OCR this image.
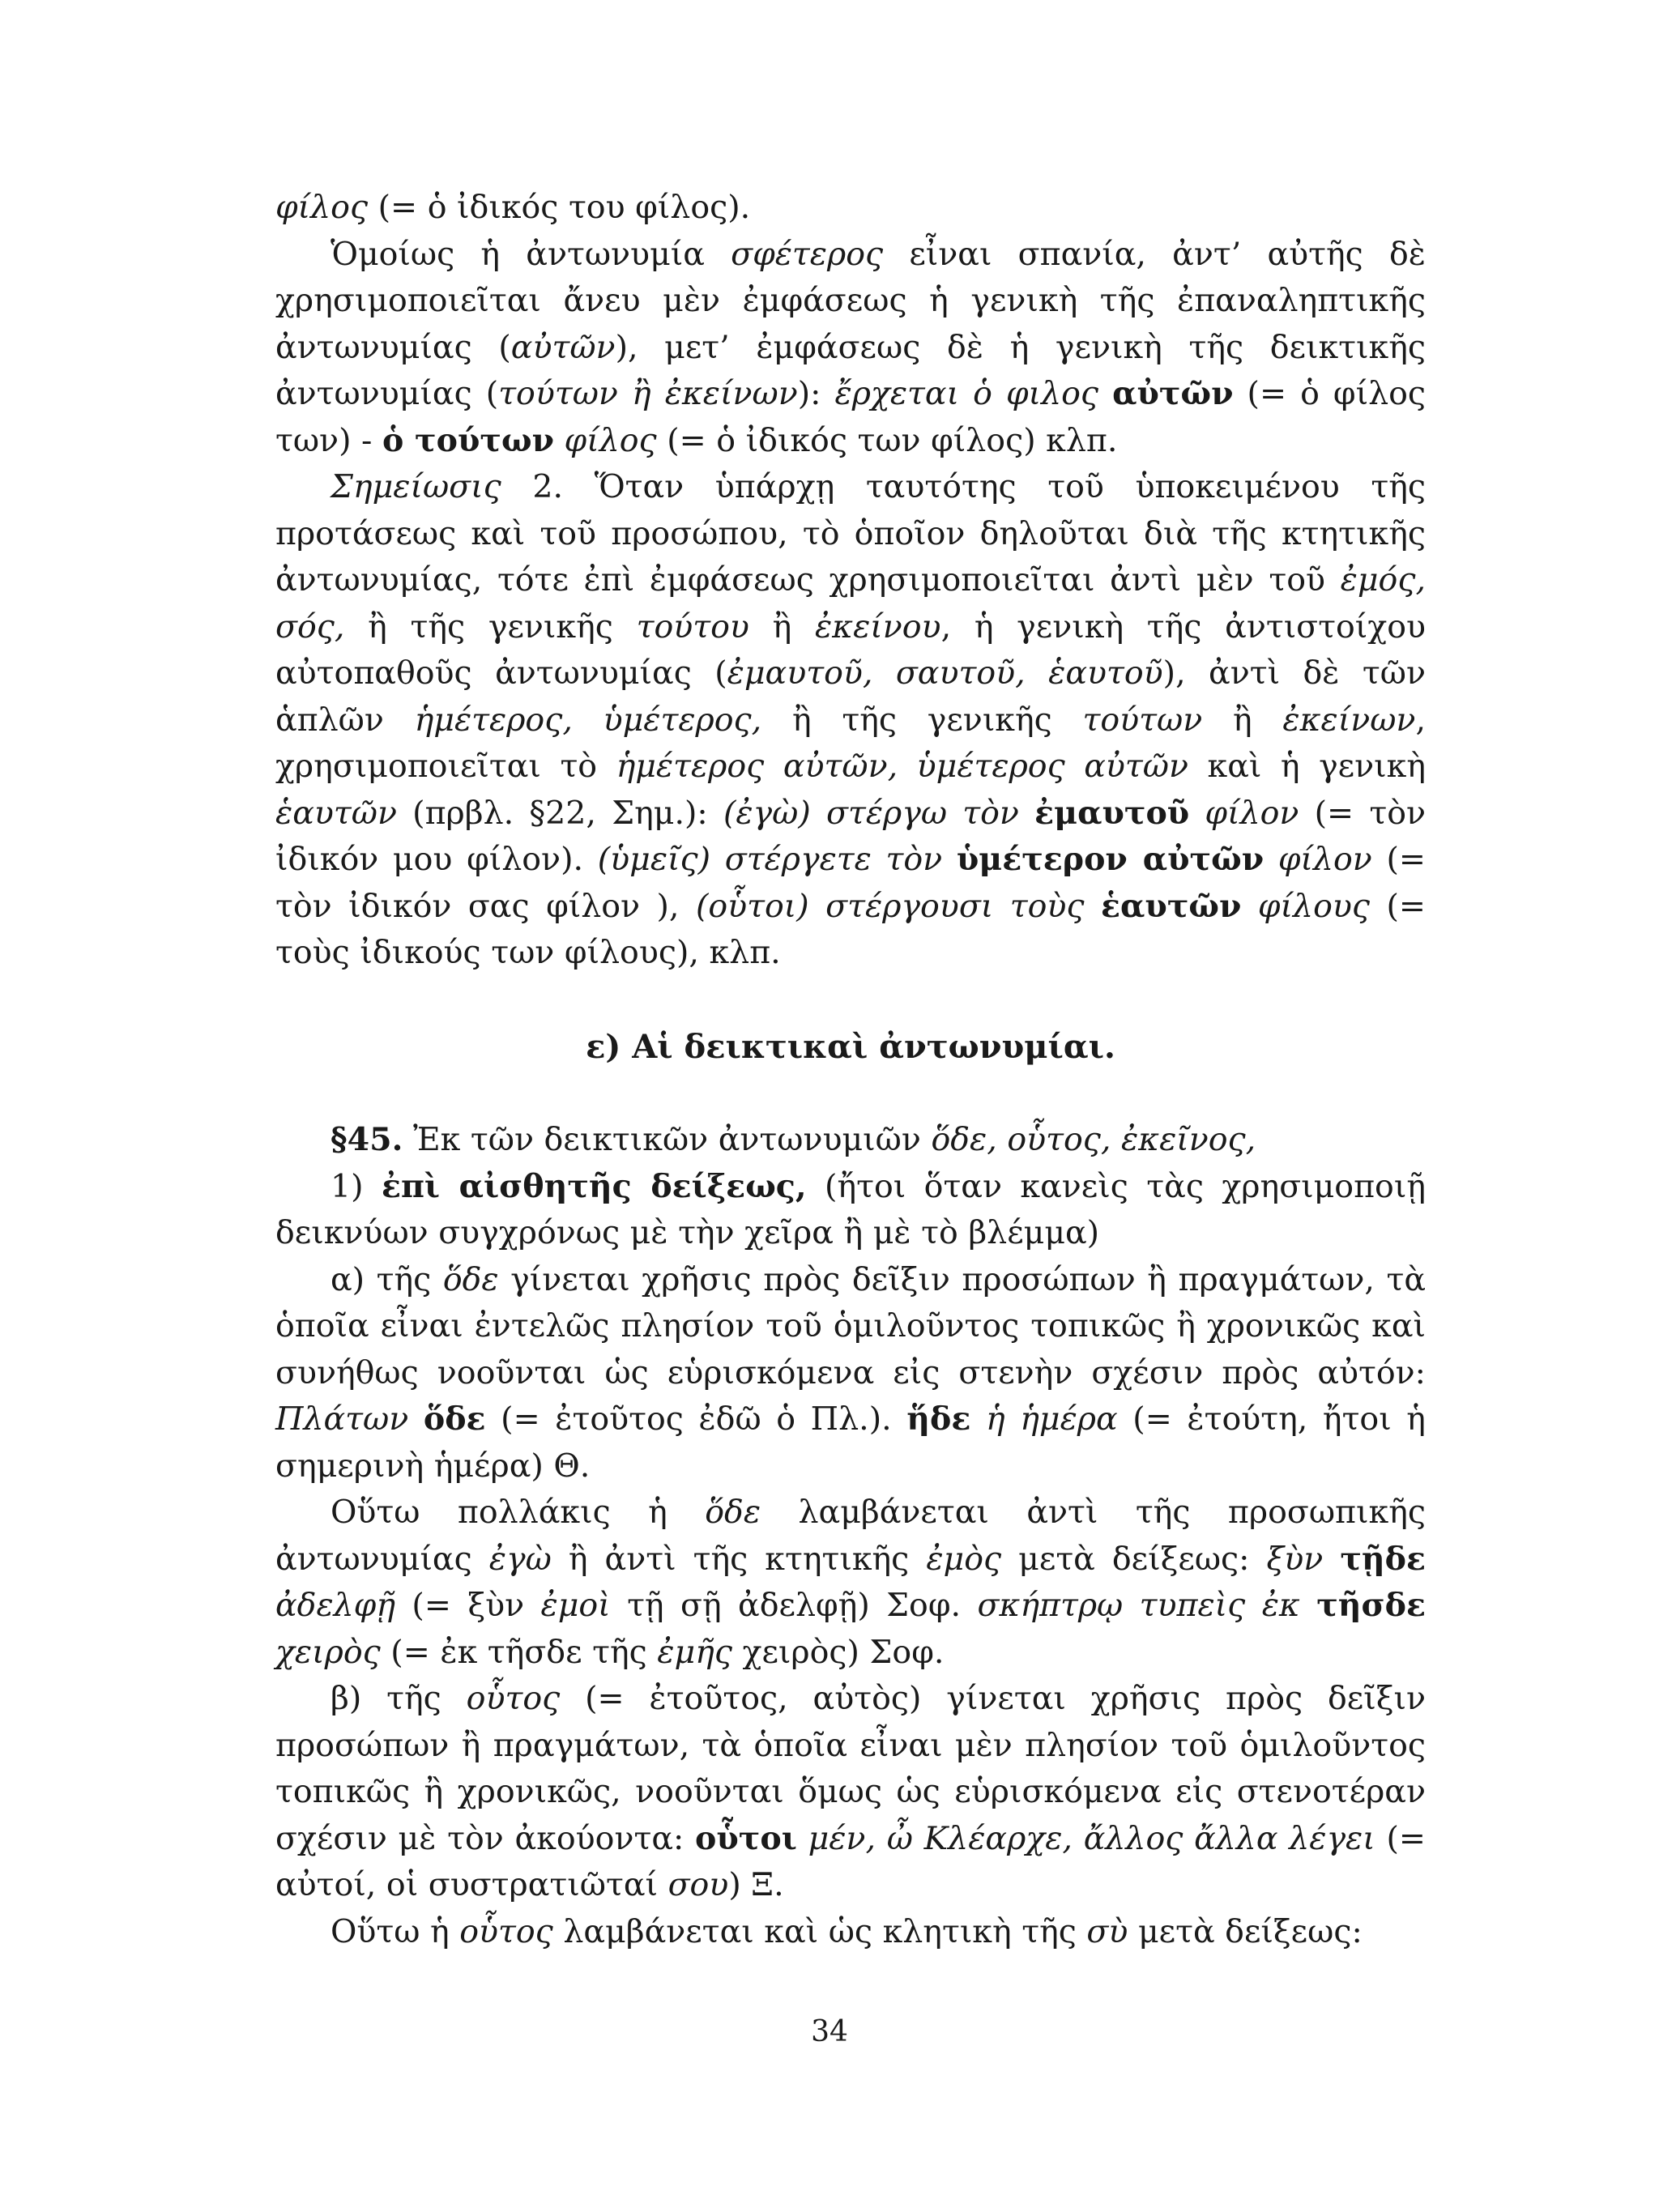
φίλος (= ὁ ἰδικός του φίλος).

Ὁμοίως ἡ ἀντωνυμία σφέτερος εἶναι σπανία, ἀντ’ αὐτῆς δὲ χρησιμοποιεῖται ἄνευ μὲν ἐμφάσεως ἡ γενικὴ τῆς ἐπαναληπτικῆς ἀντωνυμίας (αὐτῶν), μετ’ ἐμφάσεως δὲ ἡ γενικὴ τῆς δεικτικῆς ἀντωνυμίας (τούτων ἢ ἐκείνων): ἔρχεται ὁ φιλος αὐτῶν (= ὁ φίλος των) - ὁ τούτων φίλος (= ὁ ἰδικός των φίλος) κλπ.

Σημείωσις 2. Ὅταν ὑπάρχῃ ταυτότης τοῦ ὑποκειμένου τῆς προτάσεως καὶ τοῦ προσώπου, τὸ ὁποῖον δηλοῦται διὰ τῆς κτητικῆς ἀντωνυμίας, τότε ἐπὶ ἐμφάσεως χρησιμοποιεῖται ἀντὶ μὲν τοῦ ἐμός, σός, ἢ τῆς γενικῆς τούτου ἢ ἐκείνου, ἡ γενικὴ τῆς ἀντιστοίχου αὐτοπαθοῦς ἀντωνυμίας (ἐμαυτοῦ, σαυτοῦ, ἑαυτοῦ), ἀντὶ δὲ τῶν ἁπλῶν ἡμέτερος, ὑμέτερος, ἢ τῆς γενικῆς τούτων ἢ ἐκείνων, χρησιμοποιεῖται τὸ ἡμέτερος αὐτῶν, ὑμέτερος αὐτῶν καὶ ἡ γενικὴ ἑαυτῶν (πρβλ. §22, Σημ.): (ἐγὼ) στέργω τὸν ἐμαυτοῦ φίλον (= τὸν ἰδικόν μου φίλον). (ὑμεῖς) στέργετε τὸν ὑμέτερον αὐτῶν φίλον (= τὸν ἰδικόν σας φίλον ), (οὗτοι) στέργουσι τοὺς ἑαυτῶν φίλους (= τοὺς ἰδικούς των φίλους), κλπ.

ε) Αἱ δεικτικαὶ ἀντωνυμίαι.

§45. Ἐκ τῶν δεικτικῶν ἀντωνυμιῶν ὅδε, οὗτος, ἐκεῖνος,

1) ἐπὶ αἰσθητῆς δείξεως, (ἤτοι ὅταν κανεὶς τὰς χρησιμοποιῇ δεικνύων συγχρόνως μὲ τὴν χεῖρα ἢ μὲ τὸ βλέμμα)

α) τῆς ὅδε γίνεται χρῆσις πρὸς δεῖξιν προσώπων ἢ πραγμάτων, τὰ ὁποῖα εἶναι ἐντελῶς πλησίον τοῦ ὁμιλοῦντος τοπικῶς ἢ χρονικῶς καὶ συνήθως νοοῦνται ὡς εὑρισκόμενα εἰς στενὴν σχέσιν πρὸς αὐτόν: Πλάτων ὅδε (= ἐτοῦτος ἐδῶ ὁ Πλ.). ἥδε ἡ ἡμέρα (= ἐτούτη, ἤτοι ἡ σημερινὴ ἡμέρα) Θ.

Οὕτω πολλάκις ἡ ὅδε λαμβάνεται ἀντὶ τῆς προσωπικῆς ἀντωνυμίας ἐγὼ ἢ ἀντὶ τῆς κτητικῆς ἐμὸς μετὰ δείξεως: ξὺν τῇδε ἀδελφῇ (= ξὺν ἐμοὶ τῇ σῇ ἀδελφῇ) Σοφ. σκήπτρῳ τυπεὶς ἐκ τῆσδε χειρὸς (= ἐκ τῆσδε τῆς ἐμῆς χειρὸς) Σοφ.

β) τῆς οὗτος (= ἐτοῦτος, αὐτὸς) γίνεται χρῆσις πρὸς δεῖξιν προσώπων ἢ πραγμάτων, τὰ ὁποῖα εἶναι μὲν πλησίον τοῦ ὁμιλοῦντος τοπικῶς ἢ χρονικῶς, νοοῦνται ὅμως ὡς εὑρισκόμενα εἰς στενοτέραν σχέσιν μὲ τὸν ἀκούοντα: οὗτοι μέν, ὦ Κλέαρχε, ἄλλος ἄλλα λέγει (= αὐτοί, οἱ συστρατιῶταί σου) Ξ.

Οὕτω ἡ οὗτος λαμβάνεται καὶ ὡς κλητικὴ τῆς σὺ μετὰ δείξεως:

34
